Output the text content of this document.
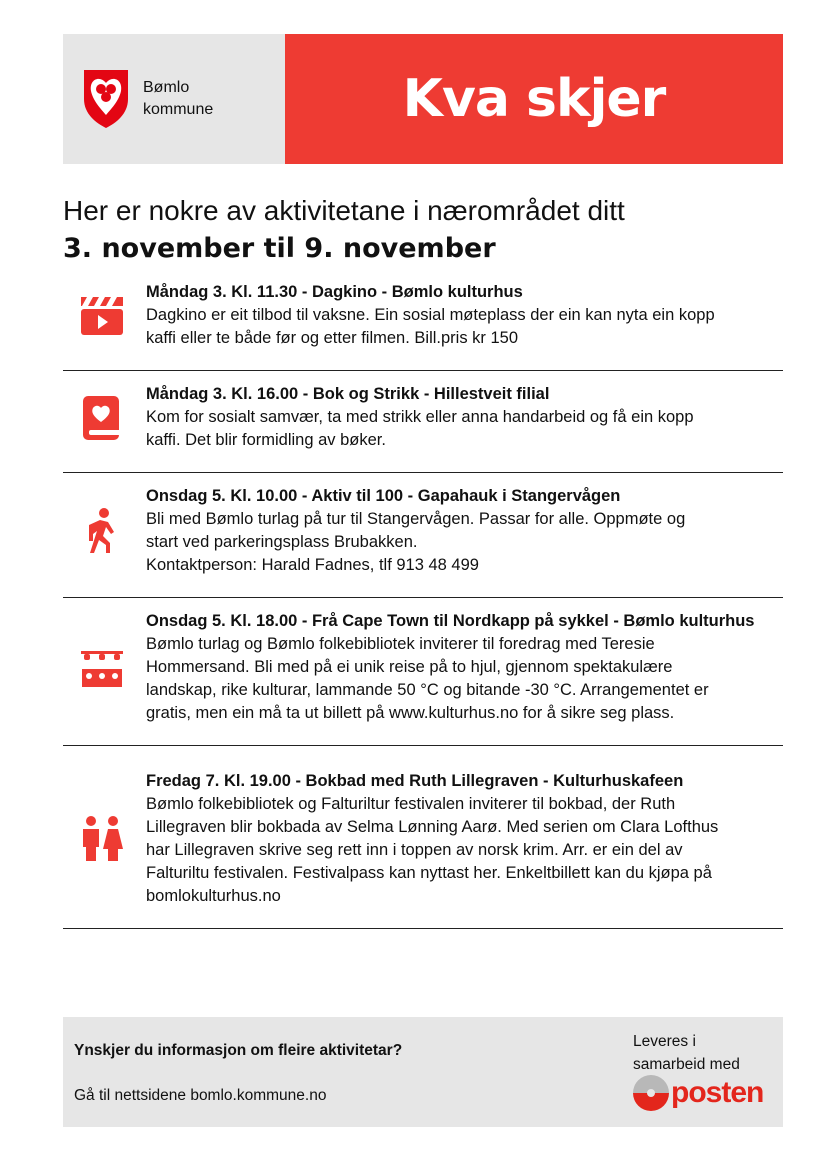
Bømlo
kommune	Kva skjer
Her er nokre av aktivitetane i nærområdet ditt
3. november til 9. november
Måndag 3. Kl. 11.30 - Dagkino - Bømlo kulturhus
Dagkino er eit tilbod til vaksne. Ein sosial møteplass der ein kan nyta ein kopp
kaffi eller te både før og etter filmen. Bill.pris kr 150
Måndag 3. Kl. 16.00 - Bok og Strikk - Hillestveit filial
Kom for sosialt samvær, ta med strikk eller anna handarbeid og få ein kopp
kaffi. Det blir formidling av bøker.
Onsdag 5. Kl. 10.00 - Aktiv til 100 - Gapahauk i Stangervågen
Bli med Bømlo turlag på tur til Stangervågen. Passar for alle. Oppmøte og
start ved parkeringsplass Brubakken.
Kontaktperson: Harald Fadnes, tlf 913 48 499
Onsdag 5. Kl. 18.00 - Frå Cape Town til Nordkapp på sykkel - Bømlo kulturhus
Bømlo turlag og Bømlo folkebibliotek inviterer til foredrag med Teresie
Hommersand. Bli med på ei unik reise på to hjul, gjennom spektakulære
landskap, rike kulturar, lammande 50 °C og bitande -30 °C. Arrangementet er
gratis, men ein må ta ut billett på www.kulturhus.no for å sikre seg plass.
Fredag 7. Kl. 19.00 - Bokbad med Ruth Lillegraven - Kulturhuskafeen
Bømlo folkebibliotek og Falturiltur festivalen inviterer til bokbad, der Ruth
Lillegraven blir bokbada av Selma Lønning Aarø. Med serien om Clara Lofthus
har Lillegraven skrive seg rett inn i toppen av norsk krim. Arr. er ein del av
Falturiltu festivalen. Festivalpass kan nyttast her. Enkeltbillett kan du kjøpa på
bomlokulturhus.no
Ynskjer du informasjon om fleire aktivitetar?
Gå til nettsidene bomlo.kommune.no
Leveres i
samarbeid med
posten
